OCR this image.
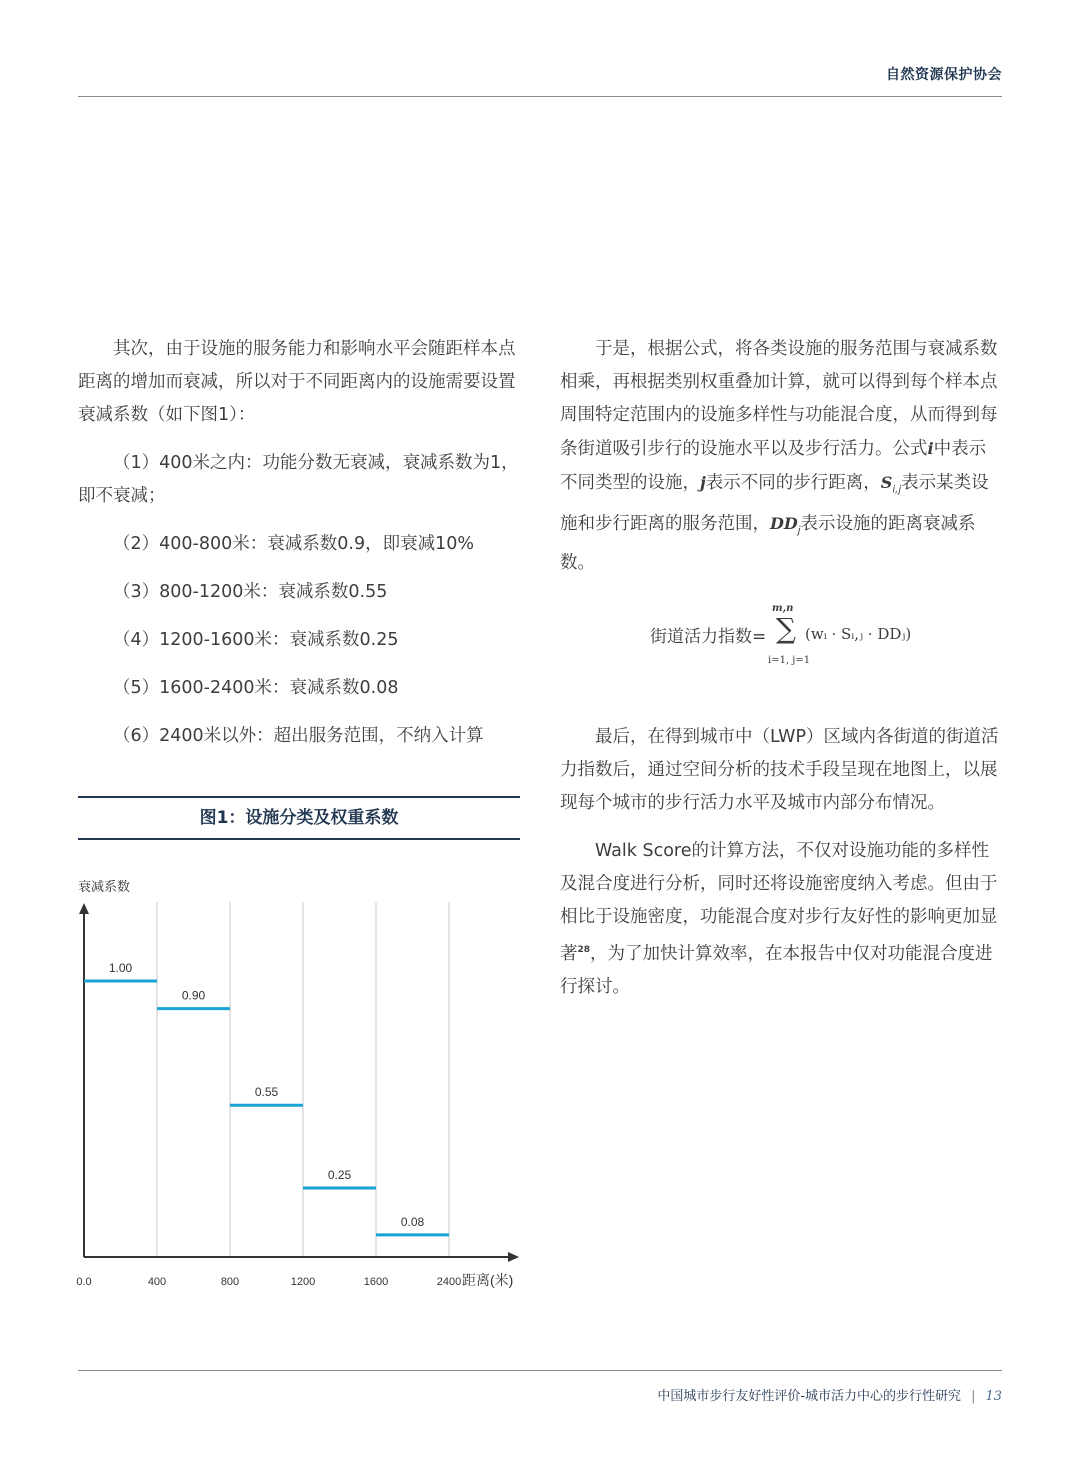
自然资源保护协会

其次，由于设施的服务能力和影响水平会随距样本点距离的增加而衰减，所以对于不同距离内的设施需要设置衰减系数（如下图1）：

（1）400米之内：功能分数无衰减，衰减系数为1，即不衰减；

（2）400-800米：衰减系数0.9，即衰减10%

（3）800-1200米：衰减系数0.55

（4）1200-1600米：衰减系数0.25

（5）1600-2400米：衰减系数0.08

（6）2400米以外：超出服务范围，不纳入计算

图1：设施分类及权重系数
衰减系数
1.00
0.90
0.55
0.25
0.08
0.0	400	800	1200	1600	2400 距离(米)

于是，根据公式，将各类设施的服务范围与衰减系数相乘，再根据类别权重叠加计算，就可以得到每个样本点周围特定范围内的设施多样性与功能混合度，从而得到每条街道吸引步行的设施水平以及步行活力。公式i中表示不同类型的设施，j表示不同的步行距离，$S_{i,j}$表示某类设施和步行距离的服务范围，$DD_j$表示设施的距离衰减系数。

街道活力指数=
m,n
∑
i=1, j=1
(wᵢ · Sᵢ,ⱼ · DDⱼ)

最后，在得到城市中（LWP）区域内各街道的街道活力指数后，通过空间分析的技术手段呈现在地图上，以展现每个城市的步行活力水平及城市内部分布情况。

Walk Score的计算方法，不仅对设施功能的多样性及混合度进行分析，同时还将设施密度纳入考虑。但由于相比于设施密度，功能混合度对步行友好性的影响更加显著$^{28}$，为了加快计算效率，在本报告中仅对功能混合度进行探讨。

中国城市步行友好性评价-城市活力中心的步行性研究 | 13
